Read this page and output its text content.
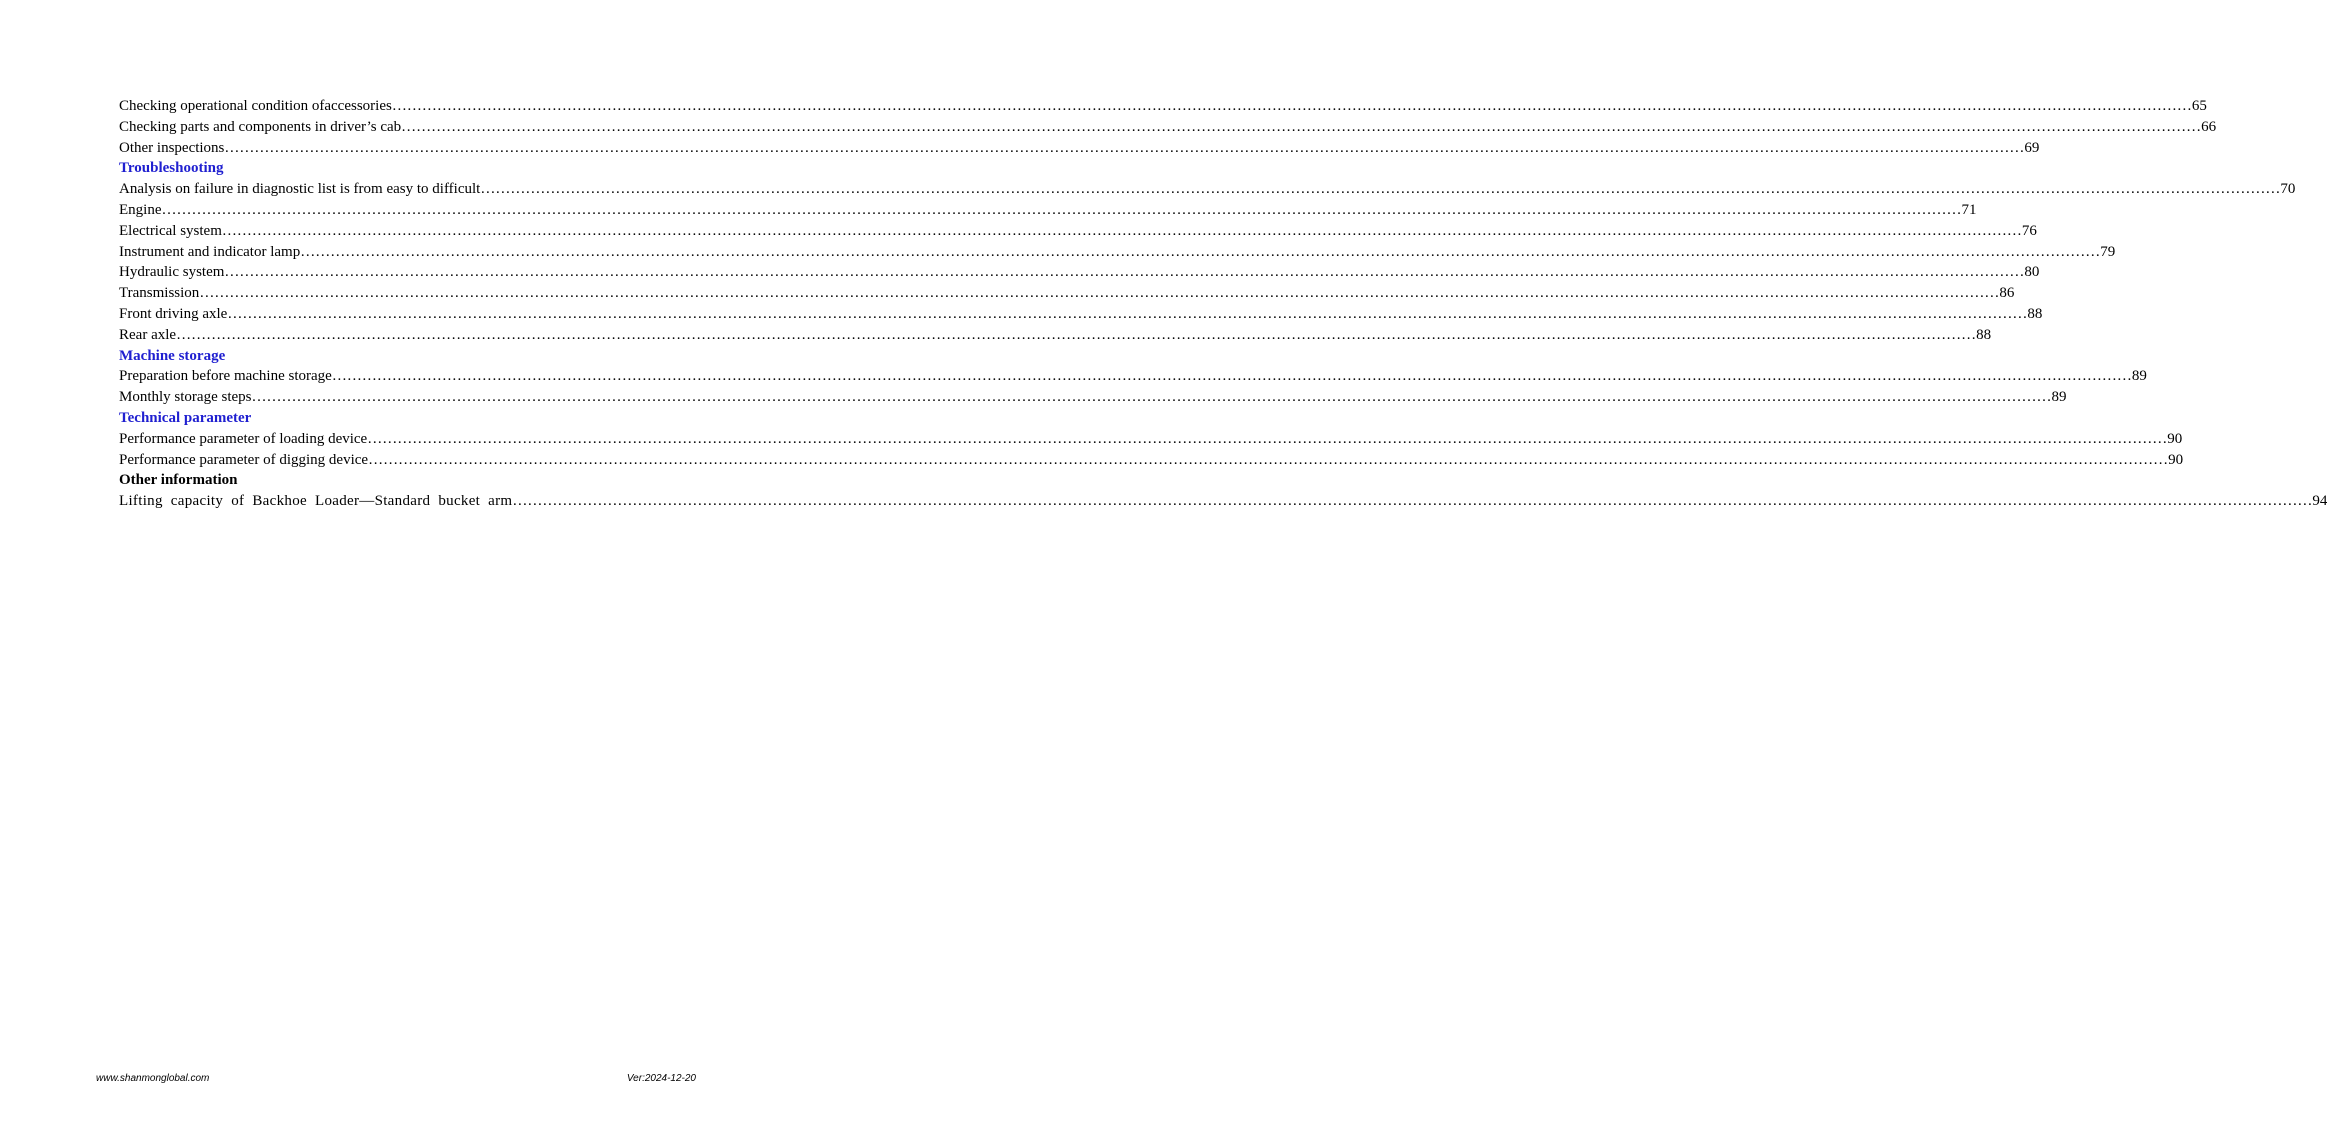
Checking operational condition ofaccessories ……………………………………………………………………………………………………………………………………………………………………………………………………………………………………………………………………………………………………………………………… 65
Checking parts and components in driver’s cab ……………………………………………………………………………………………………………………………………………………………………………………………………………………………………………………………………………………………………………………………… 66
Other inspections ……………………………………………………………………………………………………………………………………………………………………………………………………………………………………………………………………………………………………………………………… 69
Troubleshooting
Analysis on failure in diagnostic list is from easy to difficult ……………………………………………………………………………………………………………………………………………………………………………………………………………………………………………………………………………………………………………………………… 70
Engine ……………………………………………………………………………………………………………………………………………………………………………………………………………………………………………………………………………………………………………………………… 71
Electrical system ……………………………………………………………………………………………………………………………………………………………………………………………………………………………………………………………………………………………………………………………… 76
Instrument and indicator lamp ……………………………………………………………………………………………………………………………………………………………………………………………………………………………………………………………………………………………………………………………… 79
Hydraulic system ……………………………………………………………………………………………………………………………………………………………………………………………………………………………………………………………………………………………………………………………… 80
Transmission ……………………………………………………………………………………………………………………………………………………………………………………………………………………………………………………………………………………………………………………………… 86
Front driving axle ……………………………………………………………………………………………………………………………………………………………………………………………………………………………………………………………………………………………………………………………… 88
Rear axle ……………………………………………………………………………………………………………………………………………………………………………………………………………………………………………………………………………………………………………………………… 88
Machine storage
Preparation before machine storage ……………………………………………………………………………………………………………………………………………………………………………………………………………………………………………………………………………………………………………………………… 89
Monthly storage steps ……………………………………………………………………………………………………………………………………………………………………………………………………………………………………………………………………………………………………………………………… 89
Technical parameter
Performance parameter of loading device ……………………………………………………………………………………………………………………………………………………………………………………………………………………………………………………………………………………………………………………………… 90
Performance parameter of digging device ……………………………………………………………………………………………………………………………………………………………………………………………………………………………………………………………………………………………………………………………… 90
Other information
Lifting capacity of Backhoe Loader—Standard bucket arm ……………………………………………………………………………………………………………………………………………………………………………………………………………………………………………………………………………………………………………………………… 94
www.shanmonglobal.com	Ver:2024-12-20
